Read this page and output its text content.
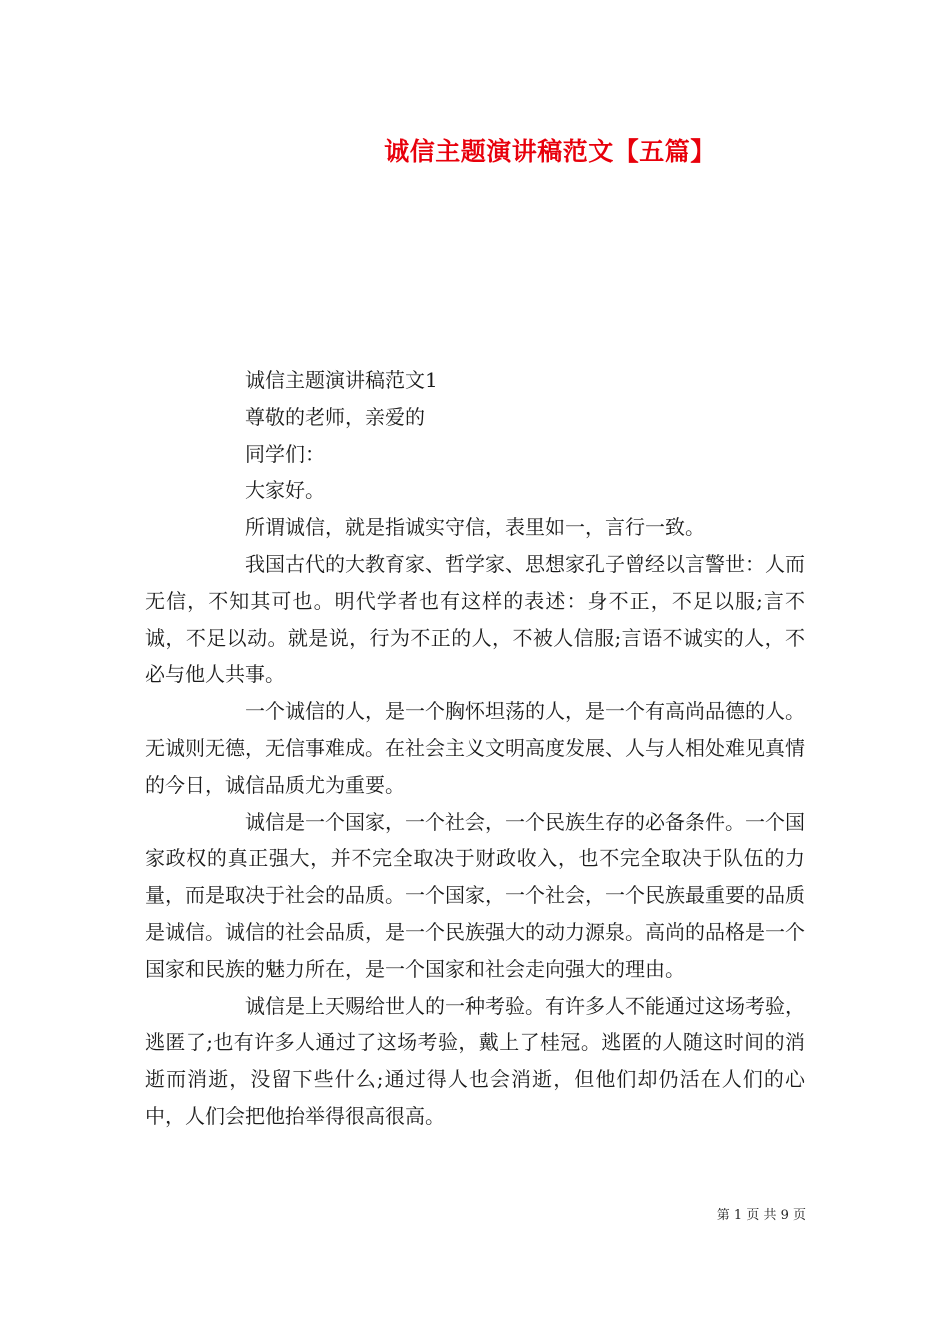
诚信主题演讲稿范文【五篇】

诚信主题演讲稿范文1

尊敬的老师，亲爱的

同学们：

大家好。

所谓诚信，就是指诚实守信，表里如一，言行一致。

我国古代的大教育家、哲学家、思想家孔子曾经以言警世：人而无信，不知其可也。明代学者也有这样的表述：身不正，不足以服;言不诚，不足以动。就是说，行为不正的人，不被人信服;言语不诚实的人，不必与他人共事。

一个诚信的人，是一个胸怀坦荡的人，是一个有高尚品德的人。无诚则无德，无信事难成。在社会主义文明高度发展、人与人相处难见真情的今日，诚信品质尤为重要。

诚信是一个国家，一个社会，一个民族生存的必备条件。一个国家政权的真正强大，并不完全取决于财政收入，也不完全取决于队伍的力量，而是取决于社会的品质。一个国家，一个社会，一个民族最重要的品质是诚信。诚信的社会品质，是一个民族强大的动力源泉。高尚的品格是一个国家和民族的魅力所在，是一个国家和社会走向强大的理由。

诚信是上天赐给世人的一种考验。有许多人不能通过这场考验，逃匿了;也有许多人通过了这场考验，戴上了桂冠。逃匿的人随这时间的消逝而消逝，没留下些什么;通过得人也会消逝，但他们却仍活在人们的心中，人们会把他抬举得很高很高。

第 1 页 共 9 页
